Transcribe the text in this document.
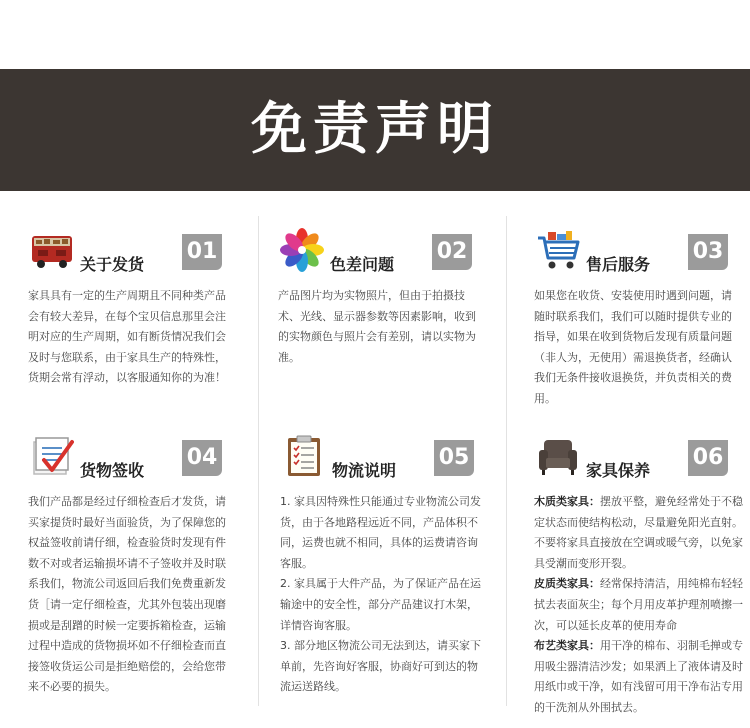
免责声明
关于发货
01
家具具有一定的生产周期且不同种类产品会有较大差异，在每个宝贝信息那里会注明对应的生产周期，如有断货情况我们会及时与您联系，由于家具生产的特殊性，货期会常有浮动，以客服通知你的为准！
色差问题
02
产品图片均为实物照片，但由于拍摄技术、光线、显示器参数等因素影响，收到的实物颜色与照片会有差别，请以实物为准。
售后服务
03
如果您在收货、安装使用时遇到问题，请随时联系我们，我们可以随时提供专业的指导，如果在收到货物后发现有质量问题（非人为，无使用）需退换货者，经确认我们无条件接收退换货，并负责相关的费用。
货物签收
04
我们产品都是经过仔细检查后才发货，请买家提货时最好当面验货，为了保障您的权益签收前请仔细，检查验货时发现有件数不对或者运输损坏请不子签收并及时联系我们，物流公司返回后我们免费重新发货［请一定仔细检查，尤其外包装出现磨损或是刮蹭的时候一定要拆箱检查，运输过程中造成的货物损坏如不仔细检查而直接签收货运公司是拒绝赔偿的，会给您带来不必要的损失。
物流说明
05
1. 家具因特殊性只能通过专业物流公司发货，由于各地路程远近不同，产品体积不同，运费也就不相同，具体的运费请咨询客服。
2. 家具属于大件产品，为了保证产品在运输途中的安全性，部分产品建议打木架，详情咨询客服。
3. 部分地区物流公司无法到达，请买家下单前，先咨询好客服，协商好可到达的物流运送路线。
家具保养
06
木质类家具：摆放平整，避免经常处于不稳定状态而使结构松动，尽量避免阳光直射。不要将家具直接放在空调或暖气旁，以免家具受潮而变形开裂。
皮质类家具：经常保持清洁，用纯棉布轻轻拭去表面灰尘；每个月用皮革护理剂喷擦一次，可以延长皮革的使用寿命
布艺类家具：用干净的棉布、羽制毛掸或专用吸尘器清洁沙发；如果洒上了液体请及时用纸巾或干净，如有浅留可用干净布沾专用的干洗剂从外围拭去。
